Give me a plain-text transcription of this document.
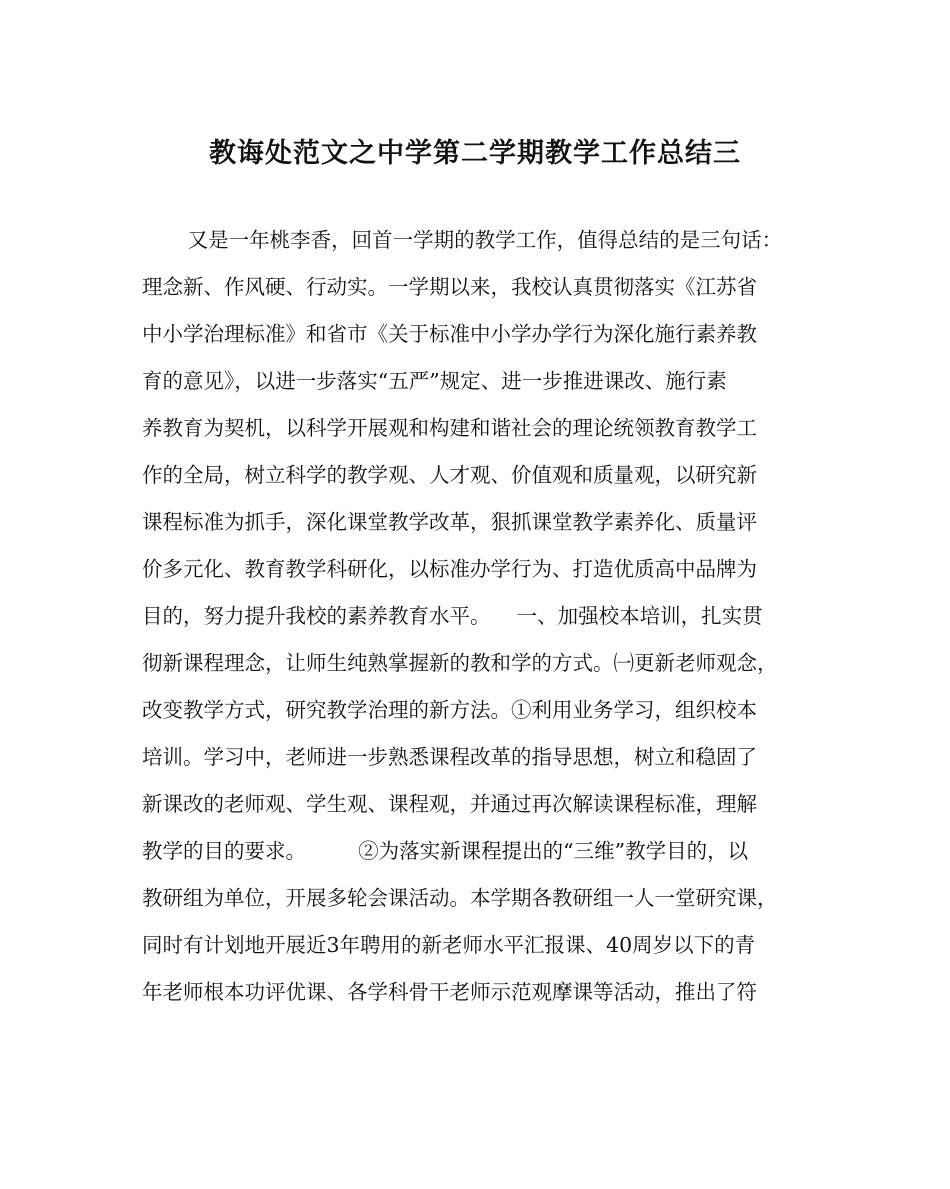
教诲处范文之中学第二学期教学工作总结三
又是一年桃李香，回首一学期的教学工作，值得总结的是三句话：
理念新、作风硬、行动实。一学期以来，我校认真贯彻落实《江苏省
中小学治理标准》和省市《关于标准中小学办学行为深化施行素养教
育的意见》，以进一步落实“五严”规定、进一步推进课改、施行素
养教育为契机，以科学开展观和构建和谐社会的理论统领教育教学工
作的全局，树立科学的教学观、人才观、价值观和质量观，以研究新
课程标准为抓手，深化课堂教学改革，狠抓课堂教学素养化、质量评
价多元化、教育教学科研化，以标准办学行为、打造优质高中品牌为
目的，努力提升我校的素养教育水平。    一、加强校本培训，扎实贯
彻新课程理念，让师生纯熟掌握新的教和学的方式。㈠更新老师观念，
改变教学方式，研究教学治理的新方法。①利用业务学习，组织校本
培训。学习中，老师进一步熟悉课程改革的指导思想，树立和稳固了
新课改的老师观、学生观、课程观，并通过再次解读课程标准，理解
教学的目的要求。        ②为落实新课程提出的“三维”教学目的，以
教研组为单位，开展多轮会课活动。本学期各教研组一人一堂研究课，
同时有计划地开展近3年聘用的新老师水平汇报课、40周岁以下的青
年老师根本功评优课、各学科骨干老师示范观摩课等活动，推出了符
